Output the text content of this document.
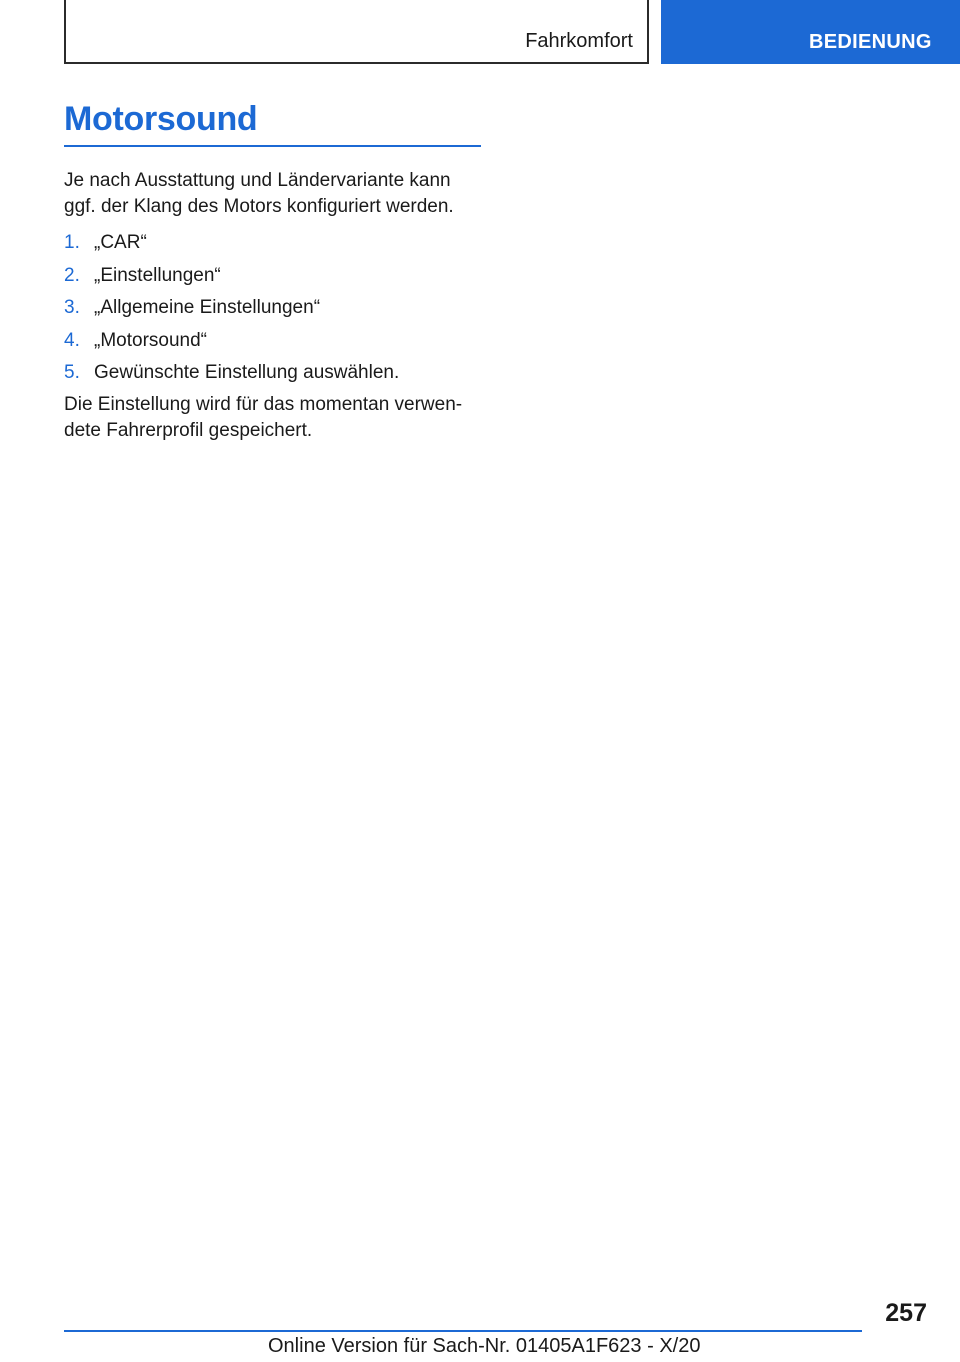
Fahrkomfort	BEDIENUNG
Motorsound

Je nach Ausstattung und Ländervariante kann ggf. der Klang des Motors konfiguriert werden.

1. „CAR“
2. „Einstellungen“
3. „Allgemeine Einstellungen“
4. „Motorsound“
5. Gewünschte Einstellung auswählen.

Die Einstellung wird für das momentan verwendete Fahrerprofil gespeichert.

257
Online Version für Sach-Nr. 01405A1F623 - X/20
